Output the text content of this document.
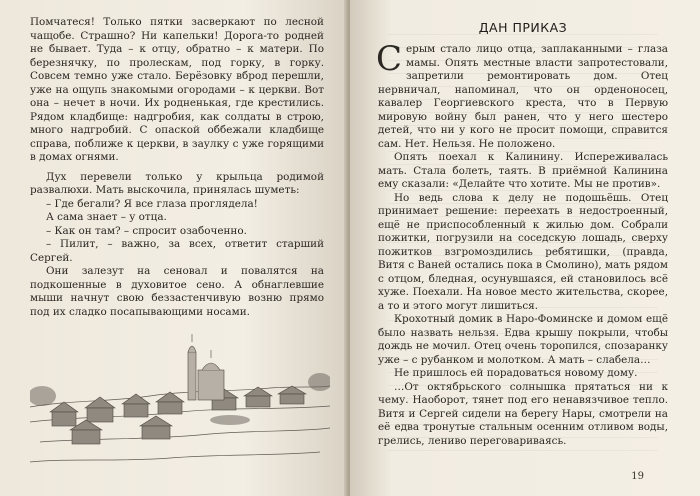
Помчатеся! Только пятки засверкают по лесной чащобе. Страшно? Ни капельки! Дорога-то родней не бывает. Туда – к отцу, обратно – к матери. По березнячку, по пролескам, под горку, в горку. Совсем темно уже стало. Берёзовку вброд перешли, уже на ощупь знакомыми огородами – к церкви. Вот она – нечет в ночи. Их родненькая, где крестились. Рядом кладбище: надгробия, как солдаты в строю, много надгробий. С опаской оббежали кладбище справа, поближе к церкви, в заулку с уже горящими в домах огнями.

Дух перевели только у крыльца родимой развалюхи. Мать выскочила, принялась шуметь:

– Где бегали? Я все глаза проглядела!

А сама знает – у отца.

– Как он там? – спросит озабоченно.

– Пилит, – важно, за всех, ответит старший Сергей.

Они залезут на сеновал и повалятся на подкошенные в духовитое сено. А обнаглевшие мыши начнут свою беззастенчивую возню прямо под их сладко посапывающими носами.

ДАН ПРИКАЗ

Серым стало лицо отца, заплаканными – глаза мамы. Опять местные власти запротестовали, запретили ремонтировать дом. Отец нервничал, напоминал, что он орденоносец, кавалер Георгиевского креста, что в Первую мировую войну был ранен, что у него шестеро детей, что ни у кого не просит помощи, справится сам. Нет. Нельзя. Не положено.

Опять поехал к Калинину. Испереживалась мать. Стала болеть, таять. В приёмной Калинина ему сказали: «Делайте что хотите. Мы не против».

Но ведь слова к делу не подошьёшь. Отец принимает решение: переехать в недостроенный, ещё не приспособленный к жилью дом. Собрали пожитки, погрузили на соседскую лошадь, сверху пожитков взгромоздились ребятишки, (правда, Витя с Ваней остались пока в Смолино), мать рядом с отцом, бледная, осунувшаяся, ей становилось всё хуже. Поехали. На новое место жительства, скорее, а то и этого могут лишиться.

Крохотный домик в Наро-Фоминске и домом ещё было назвать нельзя. Едва крышу покрыли, чтобы дождь не мочил. Отец очень торопился, спозаранку уже – с рубанком и молотком. А мать – слабела…

Не пришлось ей порадоваться новому дому.

…От октябрьского солнышка прятаться ни к чему. Наоборот, тянет под его ненавязчивое тепло. Витя и Сергей сидели на берегу Нары, смотрели на её едва тронутые стальным осенним отливом воды, грелись, лениво переговариваясь.

19
